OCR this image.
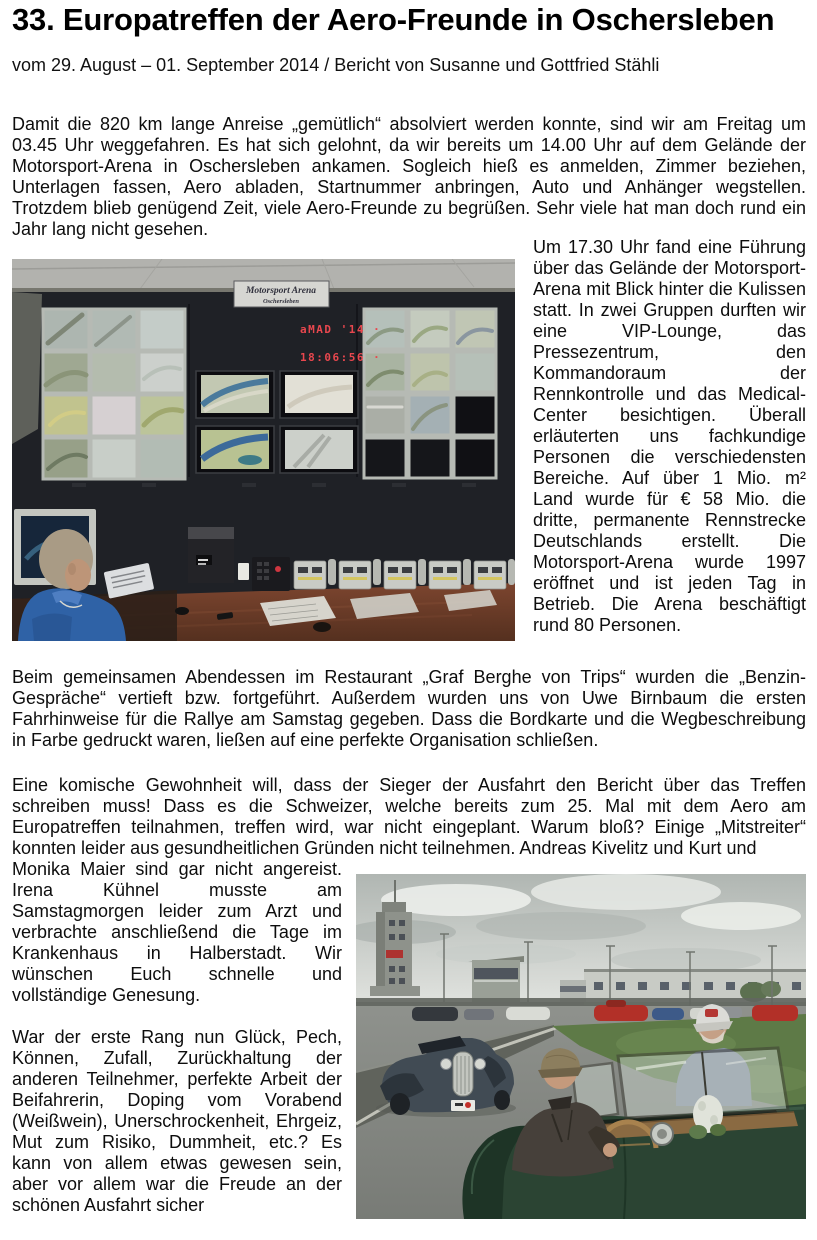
33. Europatreffen der Aero-Freunde in Oschersleben

vom 29. August – 01. September 2014 / Bericht von Susanne und Gottfried Stähli

Damit die 820 km lange Anreise „gemütlich“ absolviert werden konnte, sind wir am Freitag um 03.45 Uhr weggefahren. Es hat sich gelohnt, da wir bereits um 14.00 Uhr auf dem Gelände der Motorsport-Arena in Oschersleben ankamen. Sogleich hieß es anmelden, Zimmer beziehen, Unterlagen fassen, Aero abladen, Startnummer anbringen, Auto und Anhänger wegstellen. Trotzdem blieb genügend Zeit, viele Aero-Freunde zu begrüßen. Sehr viele hat man doch rund ein Jahr lang nicht gesehen.

Motorsport Arena
Oschersleben
aMAD '14 ·
18:06:56 ·

Um 17.30 Uhr fand eine Führung über das Gelände der Motorsport-Arena mit Blick hinter die Kulissen statt. In zwei Gruppen durften wir eine VIP-Lounge, das Pressezentrum, den Kommandoraum der Rennkontrolle und das Medical-Center besichtigen. Überall erläuterten uns fachkundige Personen die verschiedensten Bereiche. Auf über 1 Mio. m² Land wurde für € 58 Mio. die dritte, permanente Rennstrecke Deutschlands erstellt. Die Motorsport-Arena wurde 1997 eröffnet und ist jeden Tag in Betrieb. Die Arena beschäftigt rund 80 Personen.

Beim gemeinsamen Abendessen im Restaurant „Graf Berghe von Trips“ wurden die „Benzin-Gespräche“ vertieft bzw. fortgeführt. Außerdem wurden uns von Uwe Birnbaum die ersten Fahrhinweise für die Rallye am Samstag gegeben. Dass die Bordkarte und die Wegbeschreibung in Farbe gedruckt waren, ließen auf eine perfekte Organisation schließen.

Eine komische Gewohnheit will, dass der Sieger der Ausfahrt den Bericht über das Treffen schreiben muss! Dass es die Schweizer, welche bereits zum 25. Mal mit dem Aero am Europatreffen teilnahmen, treffen wird, war nicht eingeplant. Warum bloß? Einige „Mitstreiter“ konnten leider aus gesundheitlichen Gründen nicht teilnehmen. Andreas Kivelitz und Kurt und

Monika Maier sind gar nicht angereist. Irena Kühnel musste am Samstagmorgen leider zum Arzt und verbrachte anschließend die Tage im Krankenhaus in Halberstadt. Wir wünschen Euch schnelle und vollständige Genesung.

War der erste Rang nun Glück, Pech, Können, Zufall, Zurückhaltung der anderen Teilnehmer, perfekte Arbeit der Beifahrerin, Doping vom Vorabend (Weißwein), Unerschrockenheit, Ehrgeiz, Mut zum Risiko, Dummheit, etc.? Es kann von allem etwas gewesen sein, aber vor allem war die Freude an der schönen Ausfahrt sicher
